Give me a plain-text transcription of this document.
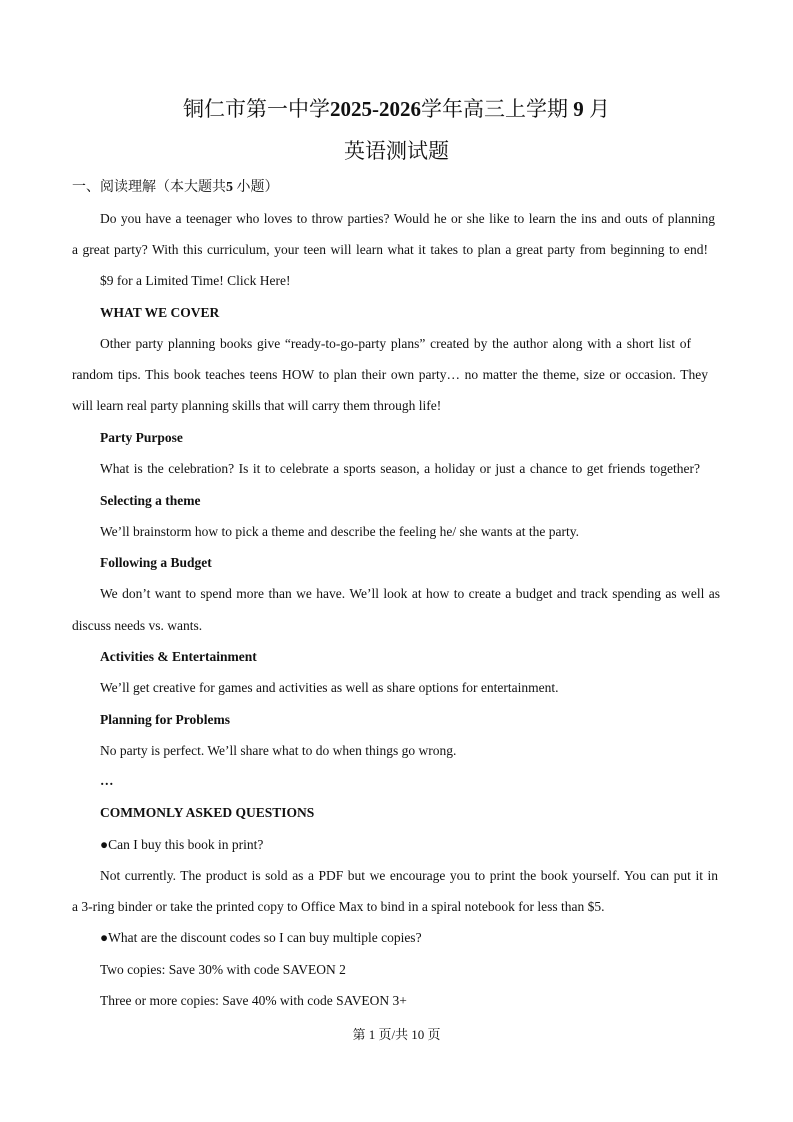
铜仁市第一中学2025-2026学年高三上学期 9 月
英语测试题
一、阅读理解（本大题共5 小题）
Do you have a teenager who loves to throw parties? Would he or she like to learn the ins and outs of planning
a great party? With this curriculum, your teen will learn what it takes to plan a great party from beginning to end!
$9 for a Limited Time! Click Here!
WHAT WE COVER
Other party planning books give “ready-to-go-party plans” created by the author along with a short list of
random tips. This book teaches teens HOW to plan their own party… no matter the theme, size or occasion. They
will learn real party planning skills that will carry them through life!
Party Purpose
What is the celebration? Is it to celebrate a sports season, a holiday or just a chance to get friends together?
Selecting a theme
We’ll brainstorm how to pick a theme and describe the feeling he/ she wants at the party.
Following a Budget
We don’t want to spend more than we have. We’ll look at how to create a budget and track spending as well as
discuss needs vs. wants.
Activities & Entertainment
We’ll get creative for games and activities as well as share options for entertainment.
Planning for Problems
No party is perfect. We’ll share what to do when things go wrong.
…
COMMONLY ASKED QUESTIONS
●Can I buy this book in print?
Not currently. The product is sold as a PDF but we encourage you to print the book yourself. You can put it in
a 3-ring binder or take the printed copy to Office Max to bind in a spiral notebook for less than $5.
●What are the discount codes so I can buy multiple copies?
Two copies: Save 30% with code SAVEON 2
Three or more copies: Save 40% with code SAVEON 3+
第 1 页/共 10 页
